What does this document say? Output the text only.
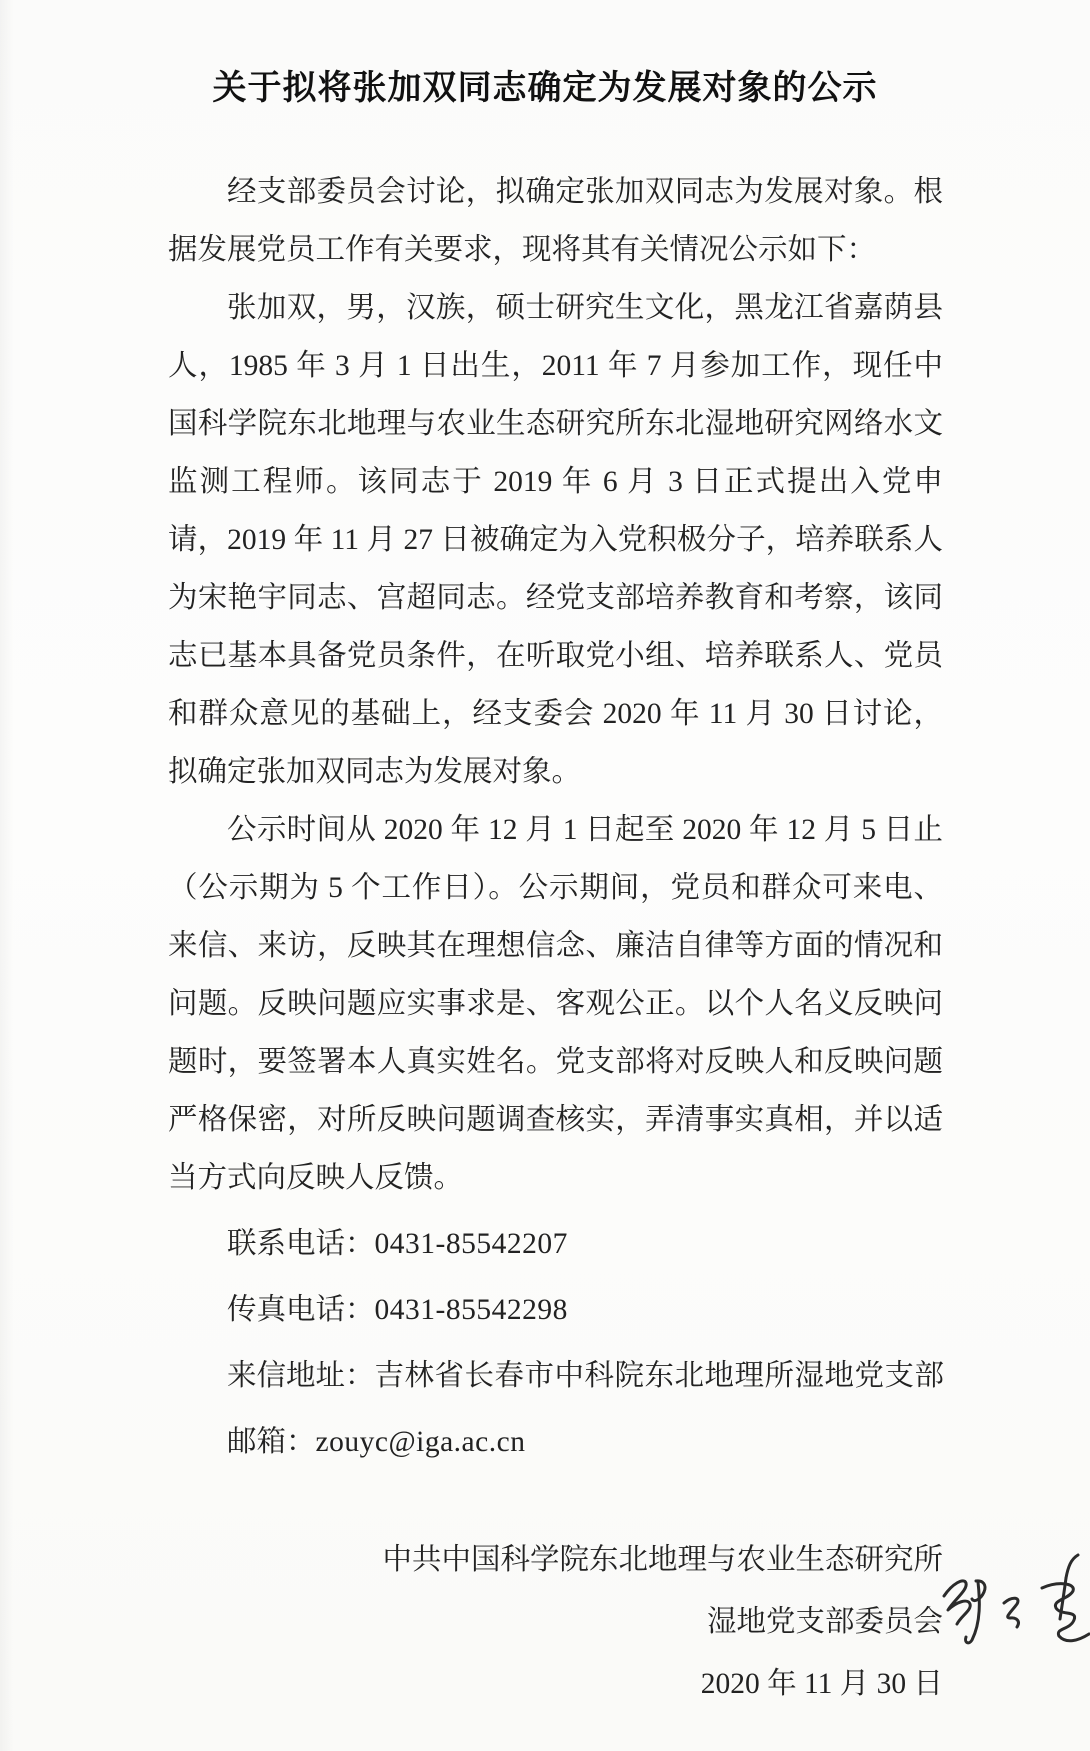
关于拟将张加双同志确定为发展对象的公示

经支部委员会讨论，拟确定张加双同志为发展对象。根据发展党员工作有关要求，现将其有关情况公示如下：

张加双，男，汉族，硕士研究生文化，黑龙江省嘉荫县人，1985 年 3 月 1 日出生，2011 年 7 月参加工作，现任中国科学院东北地理与农业生态研究所东北湿地研究网络水文监测工程师。该同志于 2019 年 6 月 3 日正式提出入党申请，2019 年 11 月 27 日被确定为入党积极分子，培养联系人为宋艳宇同志、宫超同志。经党支部培养教育和考察，该同志已基本具备党员条件，在听取党小组、培养联系人、党员和群众意见的基础上，经支委会 2020 年 11 月 30 日讨论，拟确定张加双同志为发展对象。

公示时间从 2020 年 12 月 1 日起至 2020 年 12 月 5 日止（公示期为 5 个工作日）。公示期间，党员和群众可来电、来信、来访，反映其在理想信念、廉洁自律等方面的情况和问题。反映问题应实事求是、客观公正。以个人名义反映问题时，要签署本人真实姓名。党支部将对反映人和反映问题严格保密，对所反映问题调查核实，弄清事实真相，并以适当方式向反映人反馈。

联系电话：0431-85542207
传真电话：0431-85542298
来信地址：吉林省长春市中科院东北地理所湿地党支部
邮箱：zouyc@iga.ac.cn
中共中国科学院东北地理与农业生态研究所
湿地党支部委员会
2020 年 11 月 30 日
